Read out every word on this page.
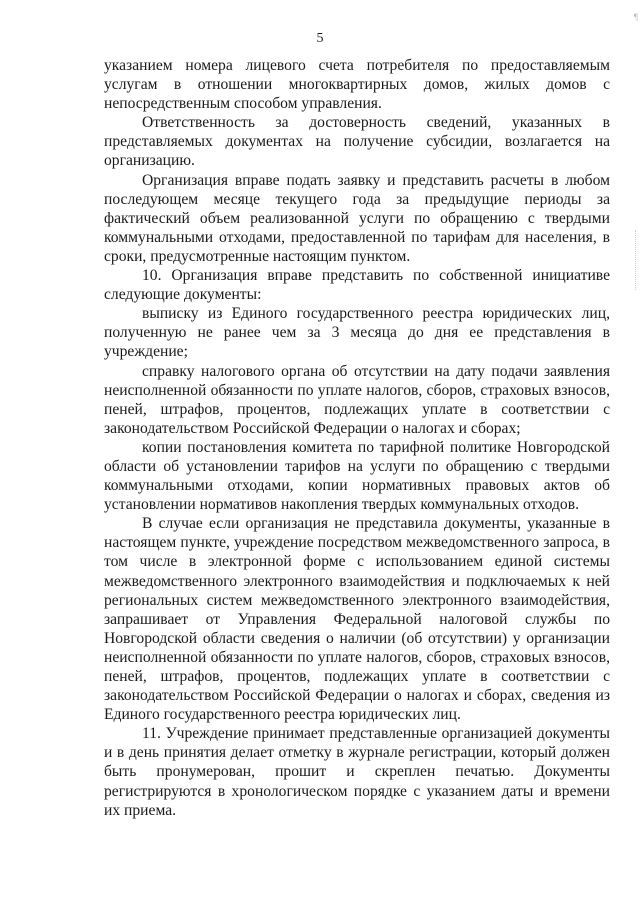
5
¶

указанием номера лицевого счета потребителя по предоставляемым услугам в отношении многоквартирных домов, жилых домов с непосредственным способом управления.

Ответственность за достоверность сведений, указанных в представляемых документах на получение субсидии, возлагается на организацию.

Организация вправе подать заявку и представить расчеты в любом последующем месяце текущего года за предыдущие периоды за фактический объем реализованной услуги по обращению с твердыми коммунальными отходами, предоставленной по тарифам для населения, в сроки, предусмотренные настоящим пунктом.

10. Организация вправе представить по собственной инициативе следующие документы:

выписку из Единого государственного реестра юридических лиц, полученную не ранее чем за 3 месяца до дня ее представления в учреждение;

справку налогового органа об отсутствии на дату подачи заявления неисполненной обязанности по уплате налогов, сборов, страховых взносов, пеней, штрафов, процентов, подлежащих уплате в соответствии с законодательством Российской Федерации о налогах и сборах;

копии постановления комитета по тарифной политике Новгородской области об установлении тарифов на услуги по обращению с твердыми коммунальными отходами, копии нормативных правовых актов об установлении нормативов накопления твердых коммунальных отходов.

В случае если организация не представила документы, указанные в настоящем пункте, учреждение посредством межведомственного запроса, в том числе в электронной форме с использованием единой системы межведомственного электронного взаимодействия и подключаемых к ней региональных систем межведомственного электронного взаимодействия, запрашивает от Управления Федеральной налоговой службы по Новгородской области сведения о наличии (об отсутствии) у организации неисполненной обязанности по уплате налогов, сборов, страховых взносов, пеней, штрафов, процентов, подлежащих уплате в соответствии с законодательством Российской Федерации о налогах и сборах, сведения из Единого государственного реестра юридических лиц.

11. Учреждение принимает представленные организацией документы и в день принятия делает отметку в журнале регистрации, который должен быть пронумерован, прошит и скреплен печатью. Документы регистрируются в хронологическом порядке с указанием даты и времени их приема.
